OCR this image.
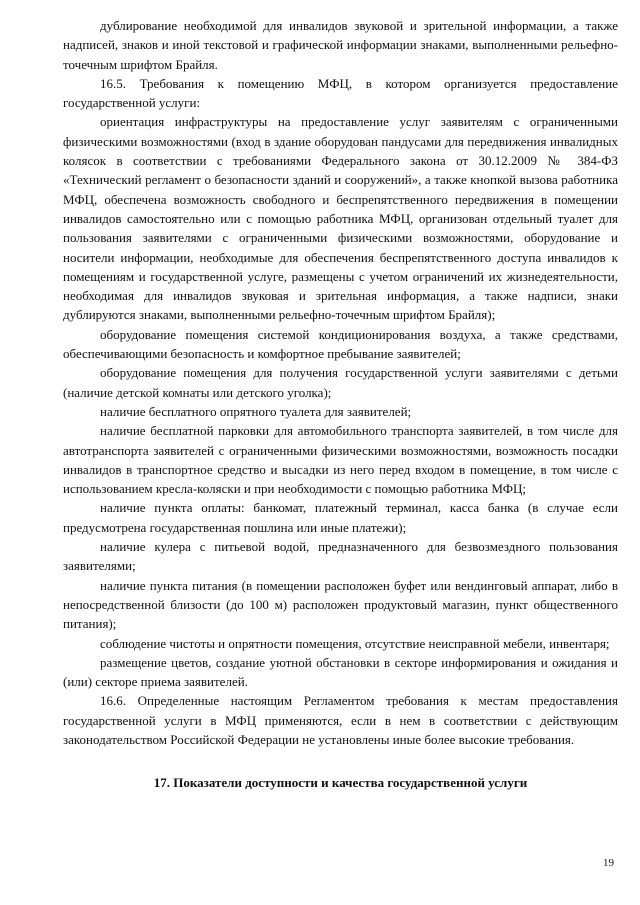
дублирование необходимой для инвалидов звуковой и зрительной информации, а также надписей, знаков и иной текстовой и графической информации знаками, выполненными рельефно-точечным шрифтом Брайля.

16.5. Требования к помещению МФЦ, в котором организуется предоставление государственной услуги:

ориентация инфраструктуры на предоставление услуг заявителям с ограниченными физическими возможностями (вход в здание оборудован пандусами для передвижения инвалидных колясок в соответствии с требованиями Федерального закона от 30.12.2009 № 384-ФЗ «Технический регламент о безопасности зданий и сооружений», а также кнопкой вызова работника МФЦ, обеспечена возможность свободного и беспрепятственного передвижения в помещении инвалидов самостоятельно или с помощью работника МФЦ, организован отдельный туалет для пользования заявителями с ограниченными физическими возможностями, оборудование и носители информации, необходимые для обеспечения беспрепятственного доступа инвалидов к помещениям и государственной услуге, размещены с учетом ограничений их жизнедеятельности, необходимая для инвалидов звуковая и зрительная информация, а также надписи, знаки дублируются знаками, выполненными рельефно-точечным шрифтом Брайля);

оборудование помещения системой кондиционирования воздуха, а также средствами, обеспечивающими безопасность и комфортное пребывание заявителей;

оборудование помещения для получения государственной услуги заявителями с детьми (наличие детской комнаты или детского уголка);

наличие бесплатного опрятного туалета для заявителей;

наличие бесплатной парковки для автомобильного транспорта заявителей, в том числе для автотранспорта заявителей с ограниченными физическими возможностями, возможность посадки инвалидов в транспортное средство и высадки из него перед входом в помещение, в том числе с использованием кресла-коляски и при необходимости с помощью работника МФЦ;

наличие пункта оплаты: банкомат, платежный терминал, касса банка (в случае если предусмотрена государственная пошлина или иные платежи);

наличие кулера с питьевой водой, предназначенного для безвозмездного пользования заявителями;

наличие пункта питания (в помещении расположен буфет или вендинговый аппарат, либо в непосредственной близости (до 100 м) расположен продуктовый магазин, пункт общественного питания);

соблюдение чистоты и опрятности помещения, отсутствие неисправной мебели, инвентаря;

размещение цветов, создание уютной обстановки в секторе информирования и ожидания и (или) секторе приема заявителей.

16.6. Определенные настоящим Регламентом требования к местам предоставления государственной услуги в МФЦ применяются, если в нем в соответствии с действующим законодательством Российской Федерации не установлены иные более высокие требования.

17. Показатели доступности и качества государственной услуги
19
